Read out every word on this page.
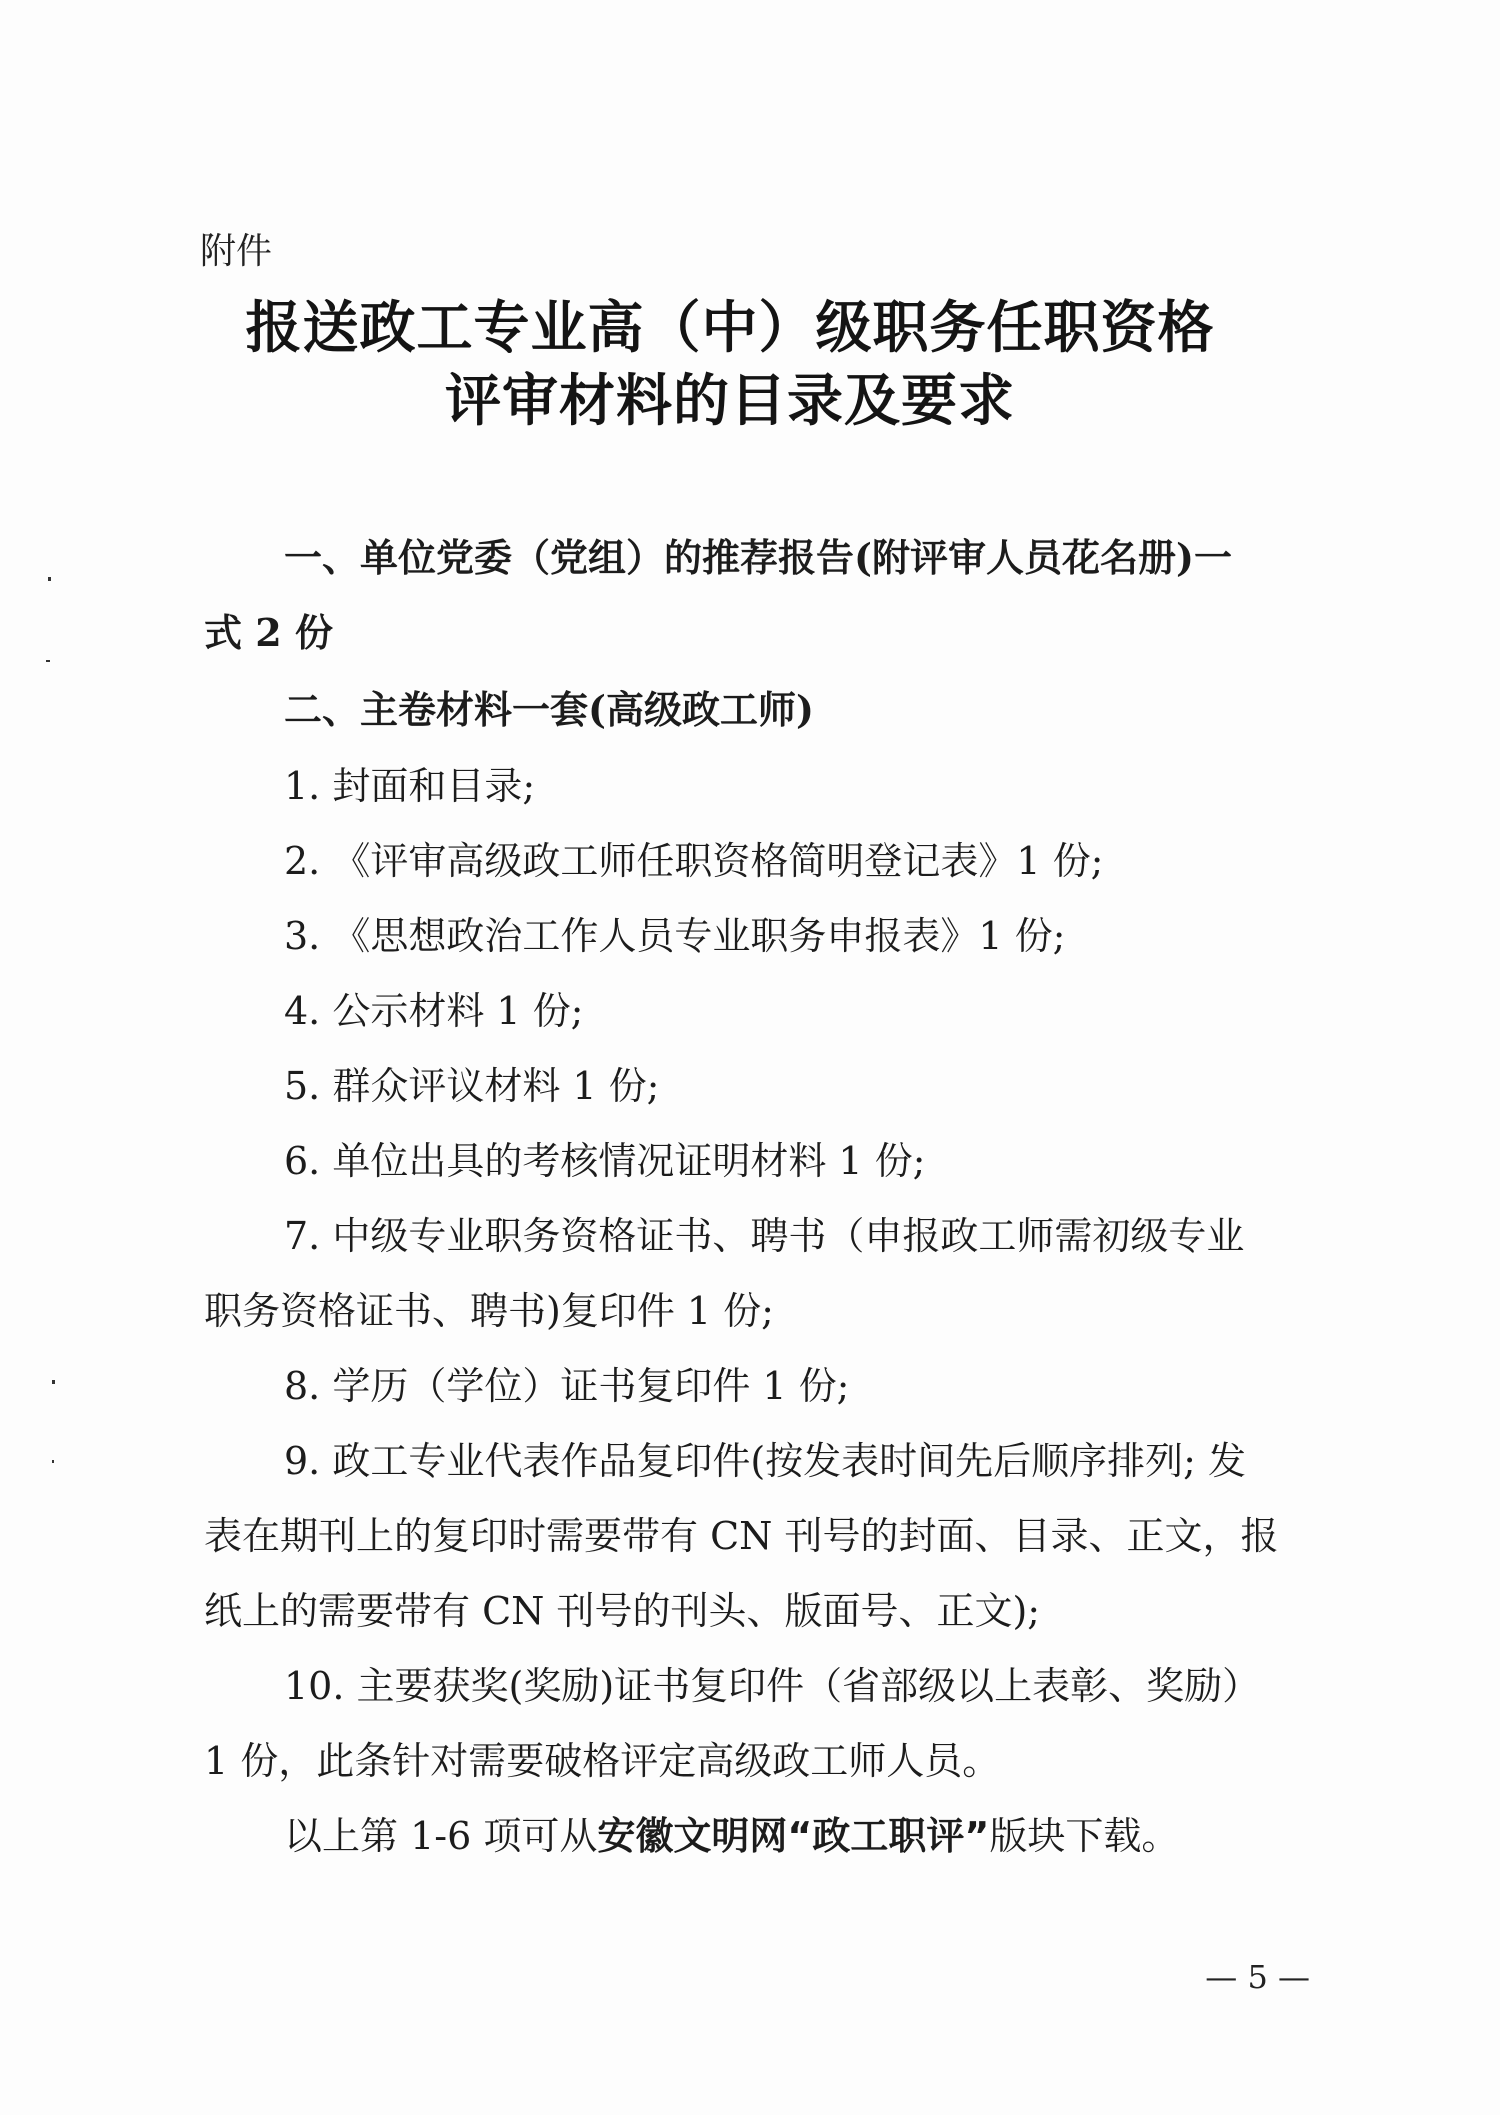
附件
报送政工专业高（中）级职务任职资格
评审材料的目录及要求
一、单位党委（党组）的推荐报告(附评审人员花名册)一
式 2 份
二、主卷材料一套(高级政工师)
1. 封面和目录;
2. 《评审高级政工师任职资格简明登记表》1 份;
3. 《思想政治工作人员专业职务申报表》1 份;
4. 公示材料 1 份;
5. 群众评议材料 1 份;
6. 单位出具的考核情况证明材料 1 份;
7. 中级专业职务资格证书、聘书（申报政工师需初级专业
职务资格证书、聘书)复印件 1 份;
8. 学历（学位）证书复印件 1 份;
9. 政工专业代表作品复印件(按发表时间先后顺序排列; 发
表在期刊上的复印时需要带有 CN 刊号的封面、目录、正文，报
纸上的需要带有 CN 刊号的刊头、版面号、正文);
10. 主要获奖(奖励)证书复印件（省部级以上表彰、奖励）
1 份，此条针对需要破格评定高级政工师人员。
以上第 1-6 项可从安徽文明网“政工职评”版块下载。
— 5 —
